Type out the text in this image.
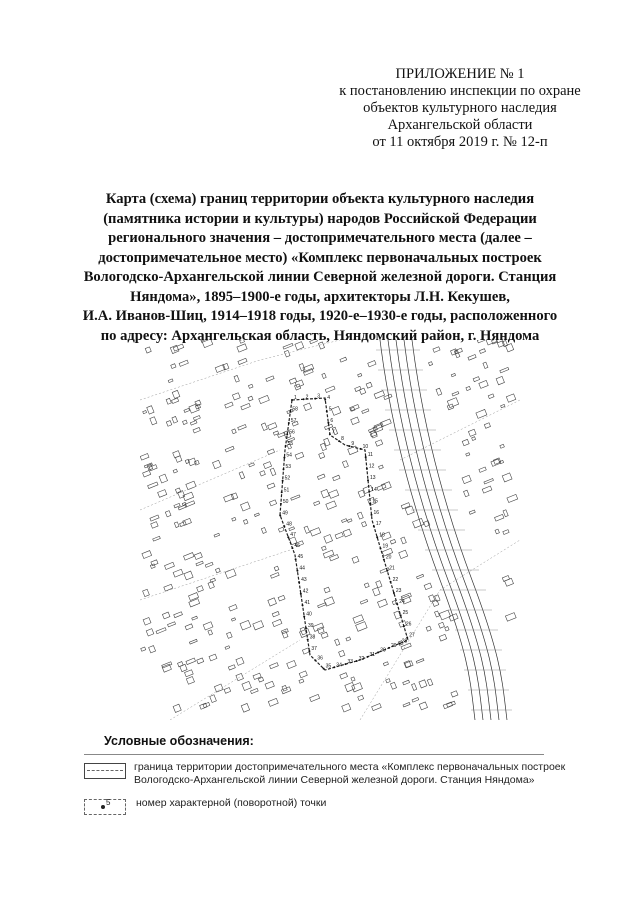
ПРИЛОЖЕНИЕ № 1
к постановлению инспекции по охране
объектов культурного наследия
Архангельской области
от 11 октября 2019 г. № 12-п
Карта (схема) границ территории объекта культурного наследия
(памятника истории и культуры) народов Российской Федерации
регионального значения – достопримечательного места (далее –
достопримечательное место) «Комплекс первоначальных построек
Вологодско-Архангельской линии Северной железной дороги. Станция
Няндома», 1895–1900-е годы, архитекторы Л.Н. Кекушев,
И.А. Иванов-Шиц, 1914–1918 годы, 1920-е–1930-е годы, расположенного
по адресу: Архангельская область, Няндомский район, г. Няндома
1 2 3 4
5
6
7
8
9 10
11
12
13
14
15
16
17
18
19
20
21
22
23
24
25
26
27
28
29
30
31
32
33
34
35
36
37
38
39
40
41
42
43
44
45
46
47
48
49
50
51
52
53
54
55
56
57
58
Условные обозначения:
граница территории достопримечательного места «Комплекс первоначальных построек
Вологодско-Архангельской линии Северной железной дороги. Станция Няндома»
5 номер характерной (поворотной) точки
